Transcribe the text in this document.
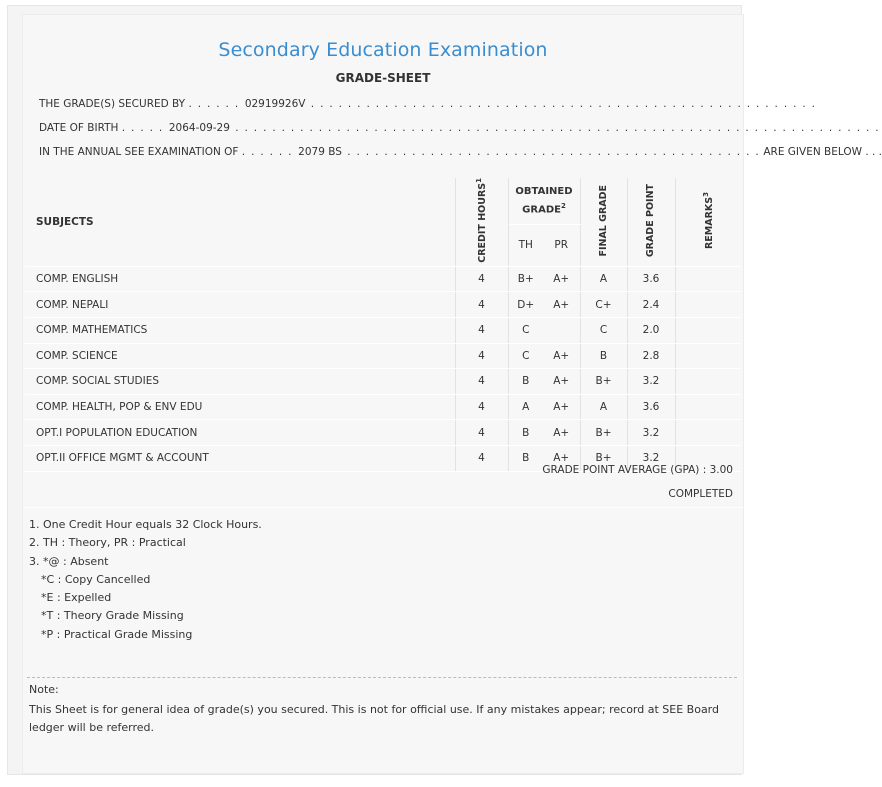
Secondary Education Examination
GRADE-SHEET
THE GRADE(S) SECURED BY . . . . . . 02919926V . . . . . . . . . . . . . . . . . . . . . . . . . . . . . . . . . . . . . . . . . . . . . . . . . . . . . . .
DATE OF BIRTH . . . . . 2064-09-29 . . . . . . . . . . . . . . . . . . . . . . . . . . . . . . . . . . . . . . . . . . . . . . . . . . . . . . . . . . . . . . . . . . . . . .
IN THE ANNUAL SEE EXAMINATION OF . . . . . . 2079 BS . . . . . . . . . . . . . . . . . . . . . . . . . . . . . . . . . . . . . . . . . . . . . ARE GIVEN BELOW . . .
SUBJECTS	CREDIT HOURS$^1$	OBTAINED GRADE$^2$		FINAL GRADE	GRADE POINT	REMARKS$^3$
		TH	PR			
COMP. ENGLISH	4	B+	A+	A	3.6	
COMP. NEPALI	4	D+	A+	C+	2.4	
COMP. MATHEMATICS	4	C		C	2.0	
COMP. SCIENCE	4	C	A+	B	2.8	
COMP. SOCIAL STUDIES	4	B	A+	B+	3.2	
COMP. HEALTH, POP & ENV EDU	4	A	A+	A	3.6	
OPT.I POPULATION EDUCATION	4	B	A+	B+	3.2	
OPT.II OFFICE MGMT & ACCOUNT	4	B	A+	B+	3.2	
GRADE POINT AVERAGE (GPA) : 3.00
COMPLETED
1. One Credit Hour equals 32 Clock Hours.
2. TH : Theory, PR : Practical
3. *@ : Absent
*C : Copy Cancelled
*E : Expelled
*T : Theory Grade Missing
*P : Practical Grade Missing
Note:
This Sheet is for general idea of grade(s) you secured. This is not for official use. If any mistakes appear; record at SEE Board ledger will be referred.
